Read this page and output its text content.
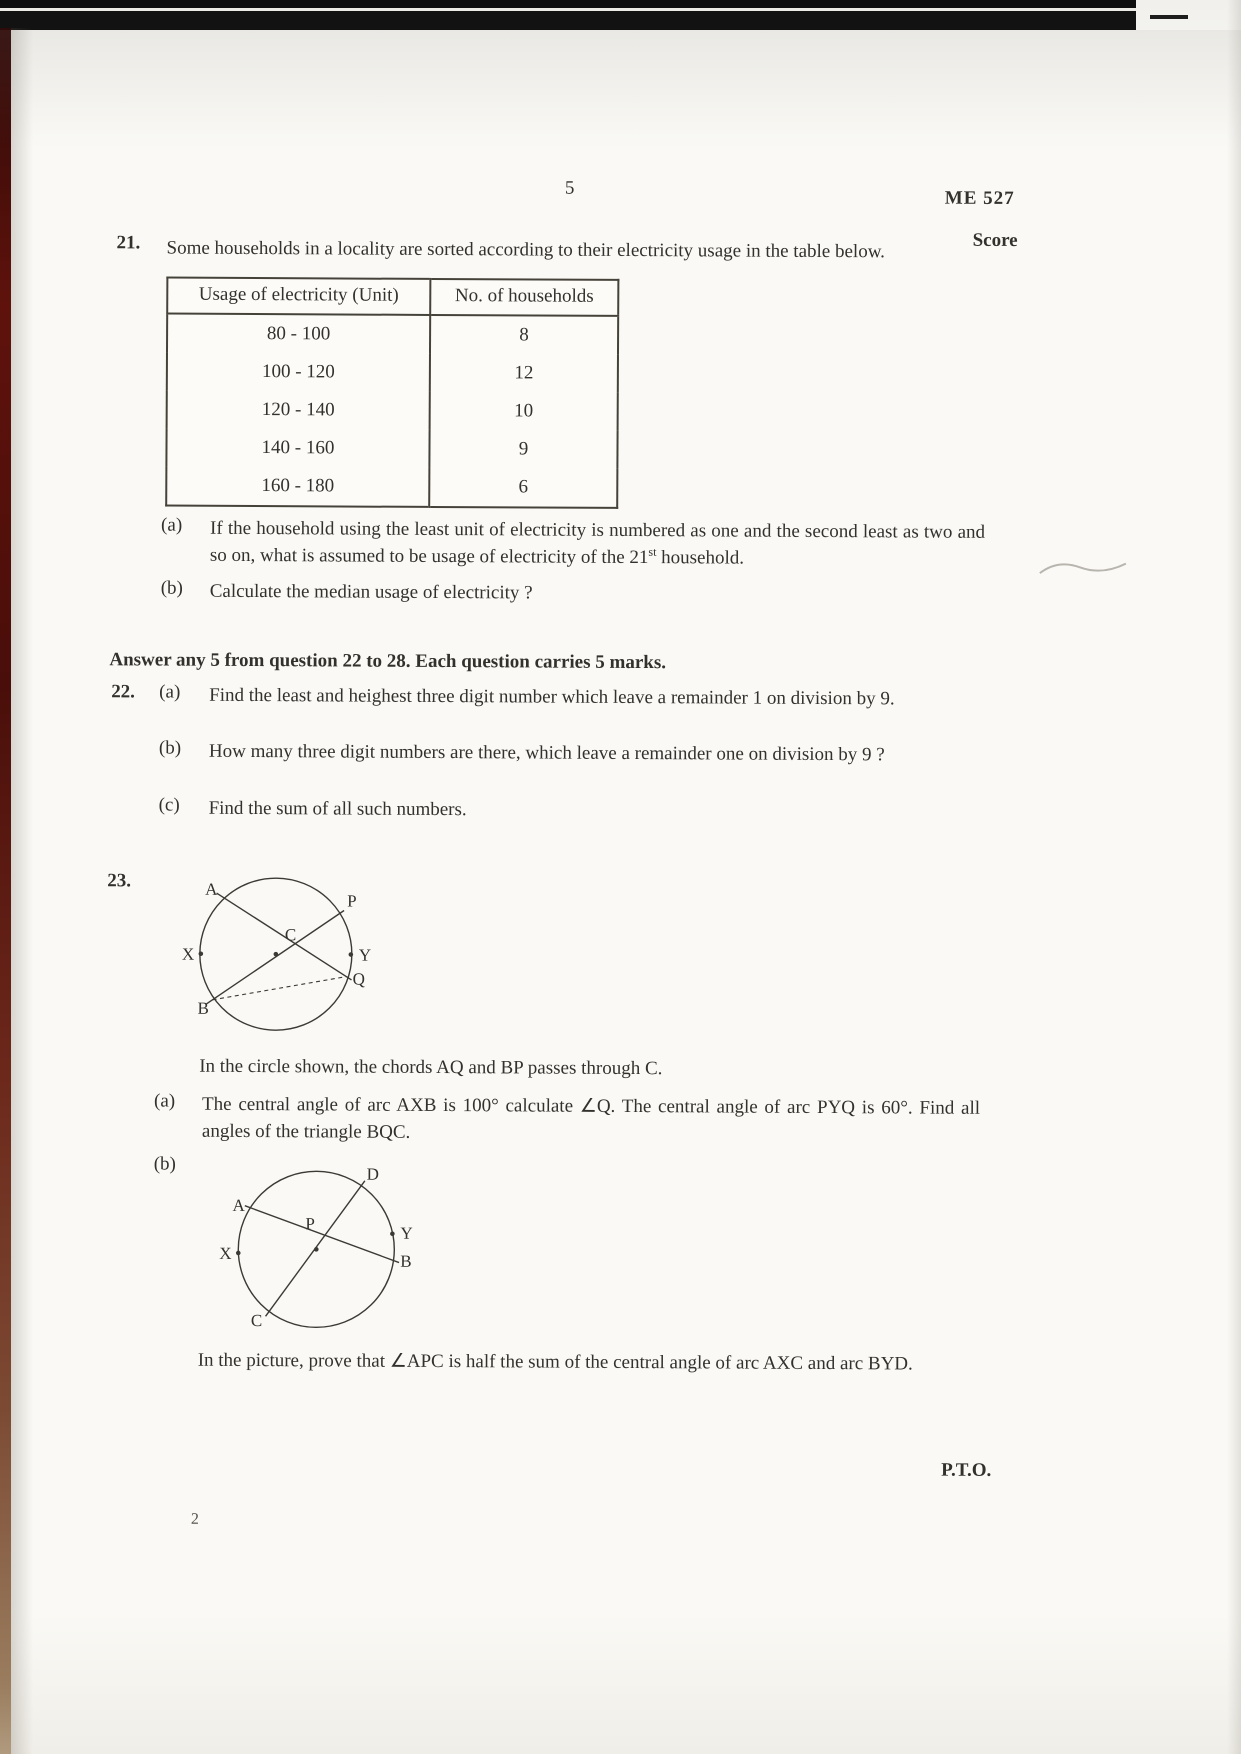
5	ME 527
Score
21. Some households in a locality are sorted according to their electricity usage in the table below.
Usage of electricity (Unit)	No. of households
80 - 100	8
100 - 120	12
120 - 140	10
140 - 160	9
160 - 180	6
(a) If the household using the least unit of electricity is numbered as one and the second least as two and so on, what is assumed to be usage of electricity of the 21st household.
(b) Calculate the median usage of electricity ?
Answer any 5 from question 22 to 28. Each question carries 5 marks.
22. (a) Find the least and heighest three digit number which leave a remainder 1 on division by 9.
(b) How many three digit numbers are there, which leave a remainder one on division by 9 ?
(c) Find the sum of all such numbers.
23.	A
X
B
C
P
Y
Q
In the circle shown, the chords AQ and BP passes through C.
(a) The central angle of arc AXB is 100° calculate ∠Q. The central angle of arc PYQ is 60°. Find all angles of the triangle BQC.
(b)
A
D
P
X
Y
B
C
In the picture, prove that ∠APC is half the sum of the central angle of arc AXC and arc BYD.
P.T.O.
2
